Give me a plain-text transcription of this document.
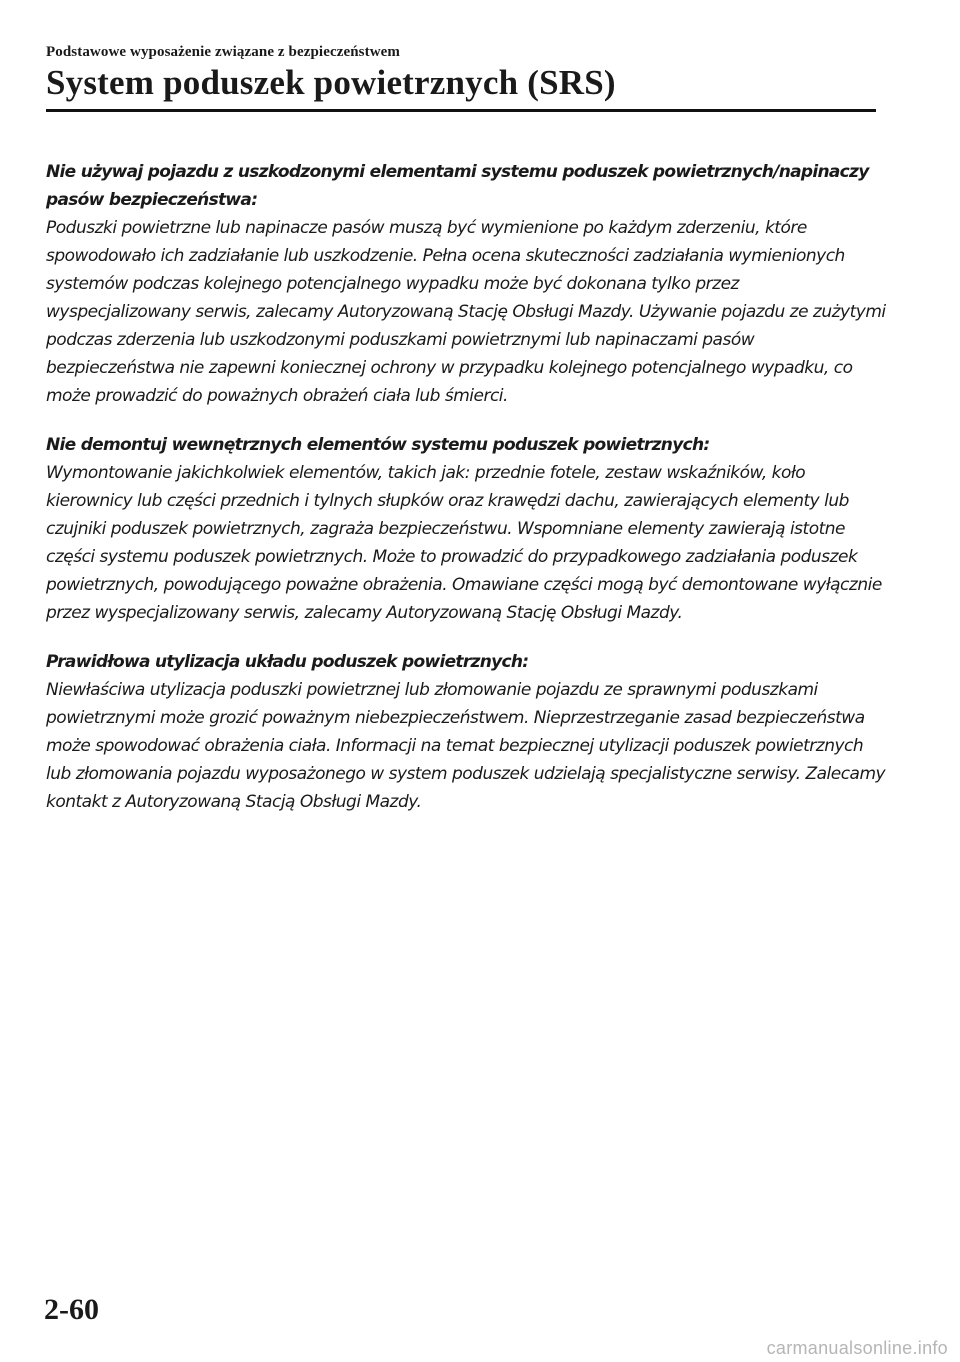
Podstawowe wyposażenie związane z bezpieczeństwem
System poduszek powietrznych (SRS)
Nie używaj pojazdu z uszkodzonymi elementami systemu poduszek powietrznych/napinaczy pasów bezpieczeństwa:
Poduszki powietrzne lub napinacze pasów muszą być wymienione po każdym zderzeniu, które spowodowało ich zadziałanie lub uszkodzenie. Pełna ocena skuteczności zadziałania wymienionych systemów podczas kolejnego potencjalnego wypadku może być dokonana tylko przez wyspecjalizowany serwis, zalecamy Autoryzowaną Stację Obsługi Mazdy. Używanie pojazdu ze zużytymi podczas zderzenia lub uszkodzonymi poduszkami powietrznymi lub napinaczami pasów bezpieczeństwa nie zapewni koniecznej ochrony w przypadku kolejnego potencjalnego wypadku, co może prowadzić do poważnych obrażeń ciała lub śmierci.
Nie demontuj wewnętrznych elementów systemu poduszek powietrznych:
Wymontowanie jakichkolwiek elementów, takich jak: przednie fotele, zestaw wskaźników, koło kierownicy lub części przednich i tylnych słupków oraz krawędzi dachu, zawierających elementy lub czujniki poduszek powietrznych, zagraża bezpieczeństwu. Wspomniane elementy zawierają istotne części systemu poduszek powietrznych. Może to prowadzić do przypadkowego zadziałania poduszek powietrznych, powodującego poważne obrażenia. Omawiane części mogą być demontowane wyłącznie przez wyspecjalizowany serwis, zalecamy Autoryzowaną Stację Obsługi Mazdy.
Prawidłowa utylizacja układu poduszek powietrznych:
Niewłaściwa utylizacja poduszki powietrznej lub złomowanie pojazdu ze sprawnymi poduszkami powietrznymi może grozić poważnym niebezpieczeństwem. Nieprzestrzeganie zasad bezpieczeństwa może spowodować obrażenia ciała. Informacji na temat bezpiecznej utylizacji poduszek powietrznych lub złomowania pojazdu wyposażonego w system poduszek udzielają specjalistyczne serwisy. Zalecamy kontakt z Autoryzowaną Stacją Obsługi Mazdy.
2-60
carmanualsonline.info
